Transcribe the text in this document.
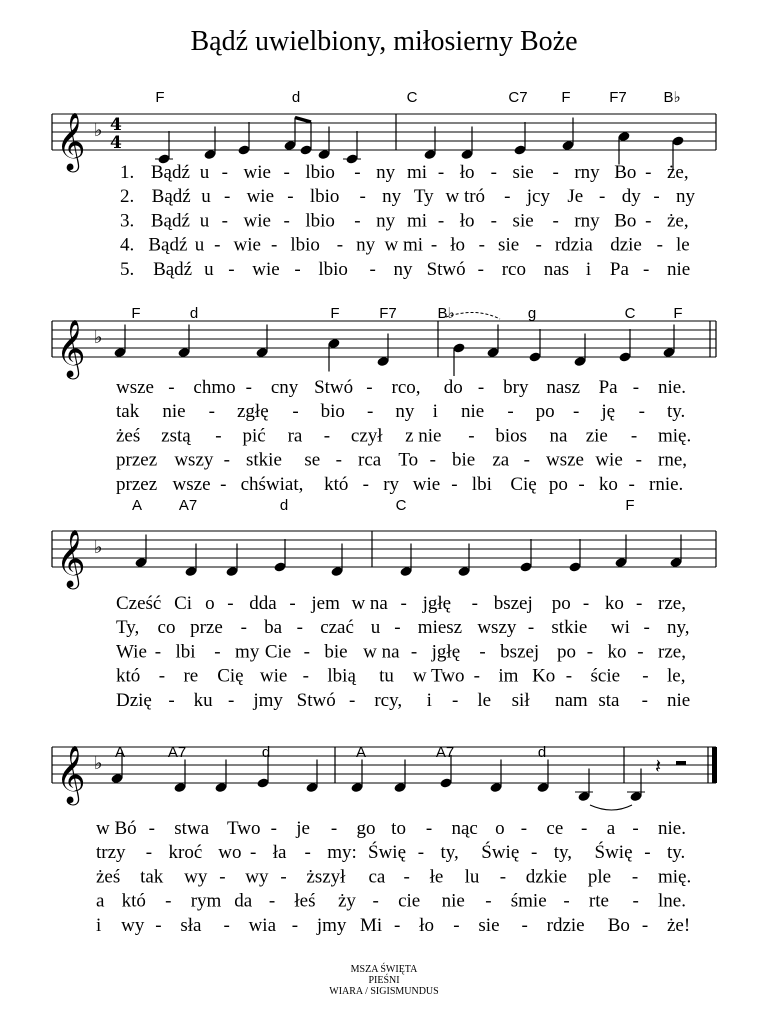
Bądź uwielbiony, miłosierny Boże
𝄞 ♭ 4
4
F	d	C	C7 F	F7 B♭
1. Bądź u - wie - lbio - ny mi - ło - sie - rny Bo - że,
2. Bądź u - wie - lbio - ny Ty w tró - jcy Je - dy - ny
3. Bądź u - wie - lbio - ny mi - ło - sie - rny Bo - że,
4. Bądź u - wie - lbio - ny w mi - ło - sie - rdzia dzie - le
5. Bądź u - wie - lbio - ny Stwó - rco nas i Pa - nie
𝄞 ♭
F	d	F	F7	B♭	g	C	F
wsze - chmo - cny Stwó - rco, do - bry nasz Pa - nie.
tak nie - zgłę - bio - ny i nie - po - ję - ty.
żeś zstą - pić ra - czył z nie - bios na zie - mię.
przez wszy - stkie se - rca To - bie za - wsze wie - rne,
przez wsze - chświat, któ - ry wie - lbi Cię po - ko - rnie.
𝄞 ♭
A A7	d	C	F
Cześć Ci o - dda - jem w na - jgłę - bszej po - ko - rze,
Ty, co prze - ba - czać u - miesz wszy - stkie wi - ny,
Wie - lbi - my Cie - bie w na - jgłę - bszej po - ko - rze,
któ - re Cię wie - lbią tu w Two - im Ko - ście - le,
Dzię - ku - jmy Stwó - rcy, i - le sił nam sta - nie
𝄞 ♭	𝄽
A	A7	d	A	A7	d
w Bó - stwa Two - je - go to - nąc o - ce - a - nie.
trzy - kroć wo - ła - my: Świę - ty, Świę - ty, Świę - ty.
żeś tak wy - wy - ższył ca - łe lu - dzkie ple - mię.
a któ - rym da - łeś ży - cie nie - śmie - rte - lne.
i wy - sła - wia - jmy Mi - ło - sie - rdzie Bo - że!
MSZA ŚWIĘTA
PIEŚNI
WIARA / SIGISMUNDUS
